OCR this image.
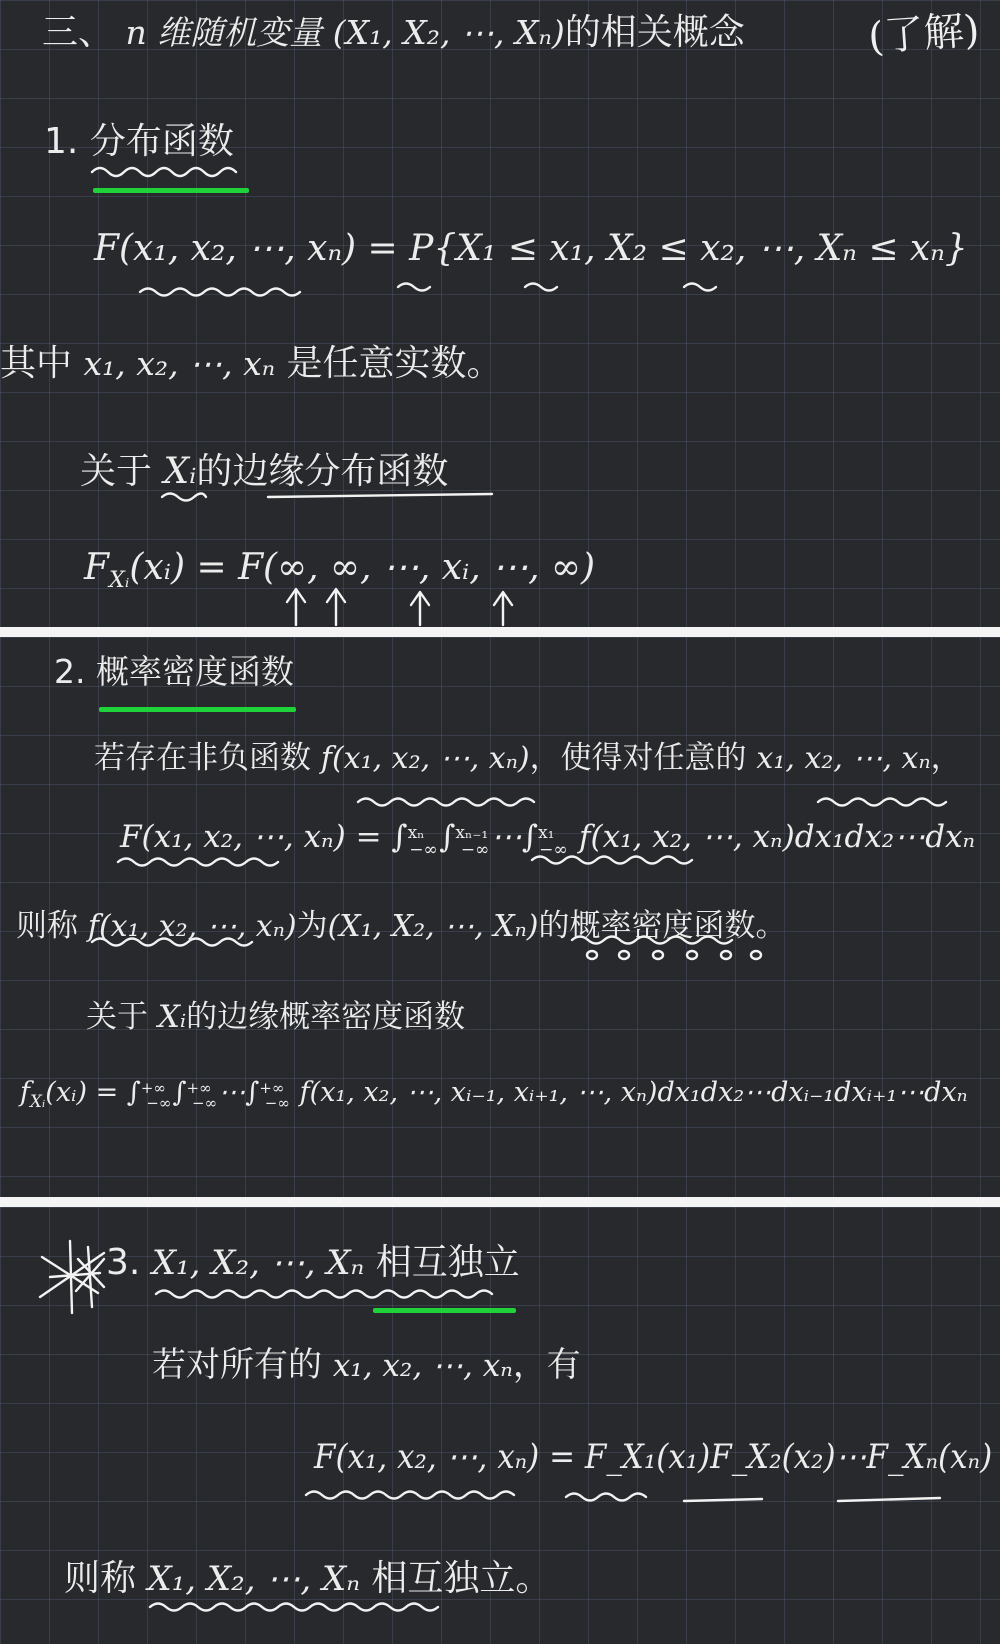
三、 n 维随机变量 (X₁, X₂, ⋯, Xₙ)的相关概念	(了解)
1. 分布函数
F(x₁, x₂, ⋯, xₙ) = P{X₁ ≤ x₁, X₂ ≤ x₂, ⋯, Xₙ ≤ xₙ}
其中 x₁, x₂, ⋯, xₙ 是任意实数。
关于 Xᵢ的边缘分布函数
$F_{Xᵢ}(xᵢ) = F(\infty$, ∞, ⋯, xᵢ, ⋯, ∞)
2. 概率密度函数
若存在非负函数 f(x₁, x₂, ⋯, xₙ)，使得对任意的 x₁, x₂, ⋯, xₙ，
F(x₁, x₂, ⋯, xₙ) = ∫$^{x_n}_{-\infty}$∫$^{x_{n-1}}_{-\infty}$⋯∫$^{x_1}_{-\infty}$ f(x₁, x₂, ⋯, xₙ)dx₁dx₂⋯dxₙ
则称 f(x₁, x₂, ⋯, xₙ)为(X₁, X₂, ⋯, Xₙ)的概率密度函数。
关于 Xᵢ的边缘概率密度函数
$f_{Xᵢ}(xᵢ)$ = $\int^{+\infty}_{-\infty}\int^{+\infty}_{-\infty}\cdots\int^{+\infty}_{-\infty}$ f(x₁, x₂, ⋯, xᵢ₋₁, xᵢ₊₁, ⋯, xₙ)dx₁dx₂⋯dxᵢ₋₁dxᵢ₊₁⋯dxₙ
3. X₁, X₂, ⋯, Xₙ 相互独立
若对所有的 x₁, x₂, ⋯, xₙ，有
F(x₁, x₂, ⋯, xₙ) = F_X₁(x₁)F_X₂(x₂)⋯F_Xₙ(xₙ)
则称 X₁, X₂, ⋯, Xₙ 相互独立。
